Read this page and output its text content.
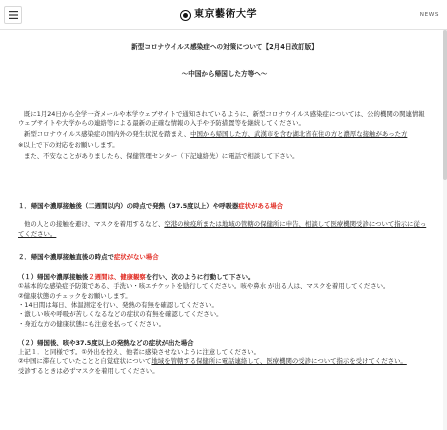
東京藝術大学	NEWS
新型コロナウイルス感染症への対策について【2月4日改訂版】
〜中国から帰国した方等へ〜

既に1月24日から全学一斉メールや本学ウェブサイトで通知されているように、新型コロナウイルス感染症については、公的機関の関連情報ウェブサイトや大学からの連絡等による最新の正確な情報の入手や予防措置等を継続してください。

新型コロナウイルス感染症の国内外の発生状況を踏まえ、中国から帰国した方、武漢市を含む湖北省在住の方と濃厚な接触があった方

※以上で下の対応をお願いします。

また、不安なことがありましたら、保健管理センター（下記連絡先）に電話で相談して下さい。

１．帰国や濃厚接触後（二週間以内）の時点で発熱（37.5度以上）や呼吸器症状がある場合
他の人との接触を避け、マスクを着用するなど、空港の検疫所または地域の管轄の保健所に申告、相談して医療機関受診について指示に従ってください。
２．帰国や濃厚接触直後の時点で症状がない場合
（１）帰国や濃厚接触後２週間は、健康観察を行い、次のように行動して下さい。
①基本的な感染症予防策である、手洗い・咳エチケットを励行してください。咳や鼻水 が出る人は、マスクを着用してください。
②健康状態のチェックをお願いします。
・14日間は毎日、体温測定を行い、発熱の有無を確認してください。
・激しい咳や呼吸が苦しくなるなどの症状の有無を確認してください。
・身近な方の健康状態にも注意を払ってください。
（２）帰国後、咳や37.5度以上の発熱などの症状が出た場合
上記１．と同様です。①外出を控え、他者に感染させないように注意してください。
②中国に滞在していたことと自覚症状について地域を管轄する保健所に電話連絡して、医療機関の受診について指示を受けてください。
受診するときは必ずマスクを着用してください。
